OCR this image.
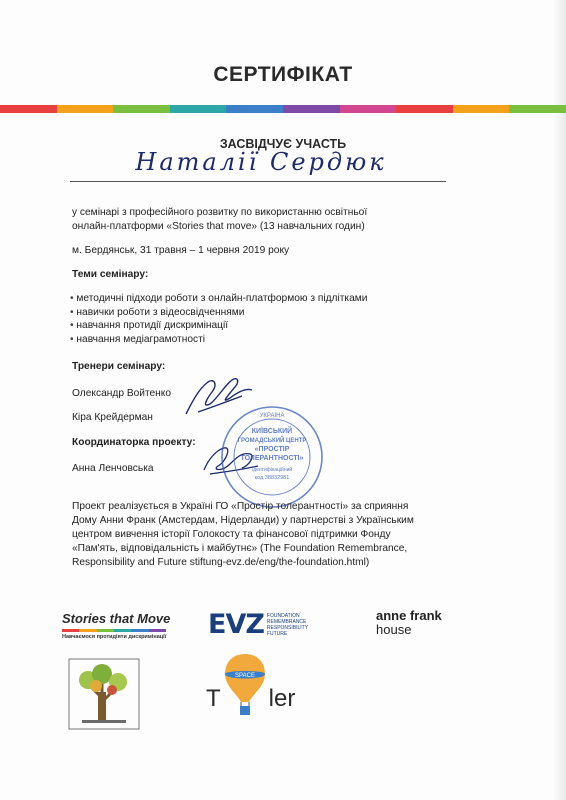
СЕРТИФІКАТ
ЗАСВІДЧУЄ УЧАСТЬ
Наталії Сердюк
у семінарі з професійного розвитку по використанню освітньої
онлайн-платформи «Stories that move» (13 навчальних годин)
м. Бердянськ, 31 травня – 1 червня 2019 року
Теми семінару:
• методичні підходи роботи з онлайн-платформою з підлітками
• навички роботи з відеосвідченнями
• навчання протидії дискримінації
• навчання медіаграмотності
Тренери семінару:
Олександр Войтенко
Кіра Крейдерман
Координаторка проекту:
Анна Ленчовська
УКРАЇНА
КИЇВСЬКИЙ
ГРОМАДСЬКИЙ ЦЕНТР
«ПРОСТІР
ТОЛЕРАНТНОСТІ»
Ідентифікаційний
код 38832981
Проект реалізується в Україні ГО «Простір толерантності» за сприяння
Дому Анни Франк (Амстердам, Нідерланди) у партнерстві з Українським
центром вивчення історії Голокосту та фінансової підтримки Фонду
«Пам'ять, відповідальність і майбутнє» (The Foundation Remembrance,
Responsibility and Future stiftung-evz.de/eng/the-foundation.html)
Stories that Move
Навчаємося протидіяти дискримінації EVZ FOUNDATION
REMEMBRANCE
RESPONSIBILITY
FUTURE
anne frank
house
T
SPACE
ler
